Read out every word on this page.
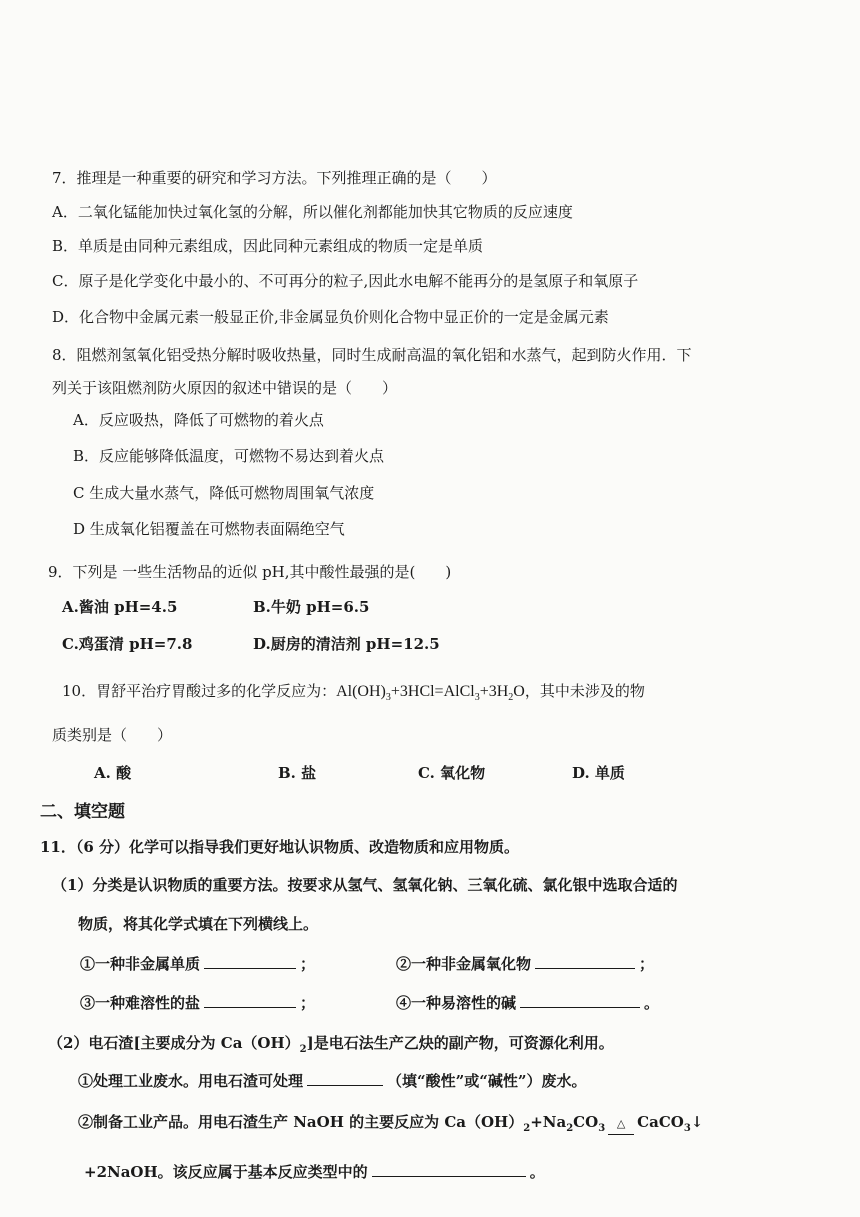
7．推理是一种重要的研究和学习方法。下列推理正确的是（　　）
A．二氧化锰能加快过氧化氢的分解，所以催化剂都能加快其它物质的反应速度
B．单质是由同种元素组成，因此同种元素组成的物质一定是单质
C．原子是化学变化中最小的、不可再分的粒子,因此水电解不能再分的是氢原子和氧原子
D．化合物中金属元素一般显正价,非金属显负价则化合物中显正价的一定是金属元素
8．阻燃剂氢氧化铝受热分解时吸收热量，同时生成耐高温的氧化铝和水蒸气，起到防火作用．下
列关于该阻燃剂防火原因的叙述中错误的是（　　）
A．反应吸热，降低了可燃物的着火点
B．反应能够降低温度，可燃物不易达到着火点
C 生成大量水蒸气，降低可燃物周围氧气浓度
D 生成氧化铝覆盖在可燃物表面隔绝空气
9．下列是 一些生活物品的近似 pH,其中酸性最强的是(　　)
A.酱油 pH=4.5	B.牛奶 pH=6.5
C.鸡蛋清 pH=7.8	D.厨房的清洁剂 pH=12.5
10．胃舒平治疗胃酸过多的化学反应为：$Al(OH)_3+3HCl=AlCl_3+3H_2O$，其中未涉及的物
质类别是（　　）
A. 酸	B. 盐	C. 氧化物	D. 单质
二、填空题
11．（6 分）化学可以指导我们更好地认识物质、改造物质和应用物质。
（1）分类是认识物质的重要方法。按要求从氢气、氢氧化钠、三氧化硫、氯化银中选取合适的
物质，将其化学式填在下列横线上。
①一种非金属单质	；	②一种非金属氧化物	；
③一种难溶性的盐	；	④一种易溶性的碱	。
（2）电石渣[主要成分为 $Ca(OH)_2$]是电石法生产乙炔的副产物，可资源化利用。
①处理工业废水。用电石渣可处理	（填“酸性”或“碱性”）废水。
②制备工业产品。用电石渣生产 NaOH 的主要反应为 $Ca(OH)_2+Na_2CO_3$ △ CaCO$_3$↓
+2NaOH。该反应属于基本反应类型中的	。
